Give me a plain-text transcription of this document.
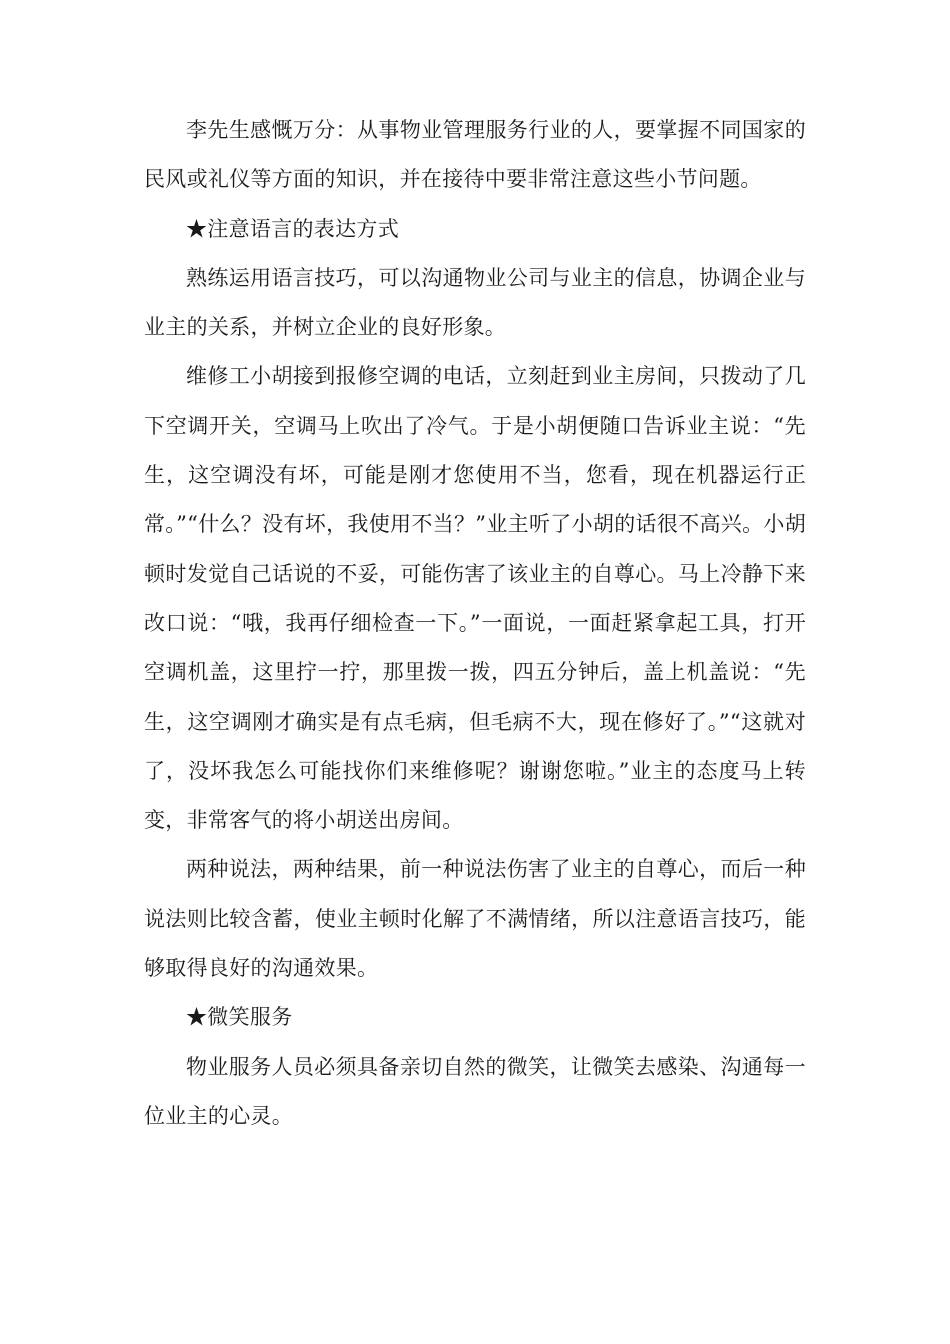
李先生感慨万分：从事物业管理服务行业的人，要掌握不同国家的民风或礼仪等方面的知识，并在接待中要非常注意这些小节问题。

★注意语言的表达方式

熟练运用语言技巧，可以沟通物业公司与业主的信息，协调企业与业主的关系，并树立企业的良好形象。

维修工小胡接到报修空调的电话，立刻赶到业主房间，只拨动了几下空调开关，空调马上吹出了冷气。于是小胡便随口告诉业主说：“先生，这空调没有坏，可能是刚才您使用不当，您看，现在机器运行正常。”“什么？没有坏，我使用不当？”业主听了小胡的话很不高兴。小胡顿时发觉自己话说的不妥，可能伤害了该业主的自尊心。马上冷静下来改口说：“哦，我再仔细检查一下。”一面说，一面赶紧拿起工具，打开空调机盖，这里拧一拧，那里拨一拨，四五分钟后，盖上机盖说：“先生，这空调刚才确实是有点毛病，但毛病不大，现在修好了。”“这就对了，没坏我怎么可能找你们来维修呢？谢谢您啦。”业主的态度马上转变，非常客气的将小胡送出房间。

两种说法，两种结果，前一种说法伤害了业主的自尊心，而后一种说法则比较含蓄，使业主顿时化解了不满情绪，所以注意语言技巧，能够取得良好的沟通效果。

★微笑服务

物业服务人员必须具备亲切自然的微笑，让微笑去感染、沟通每一位业主的心灵。
